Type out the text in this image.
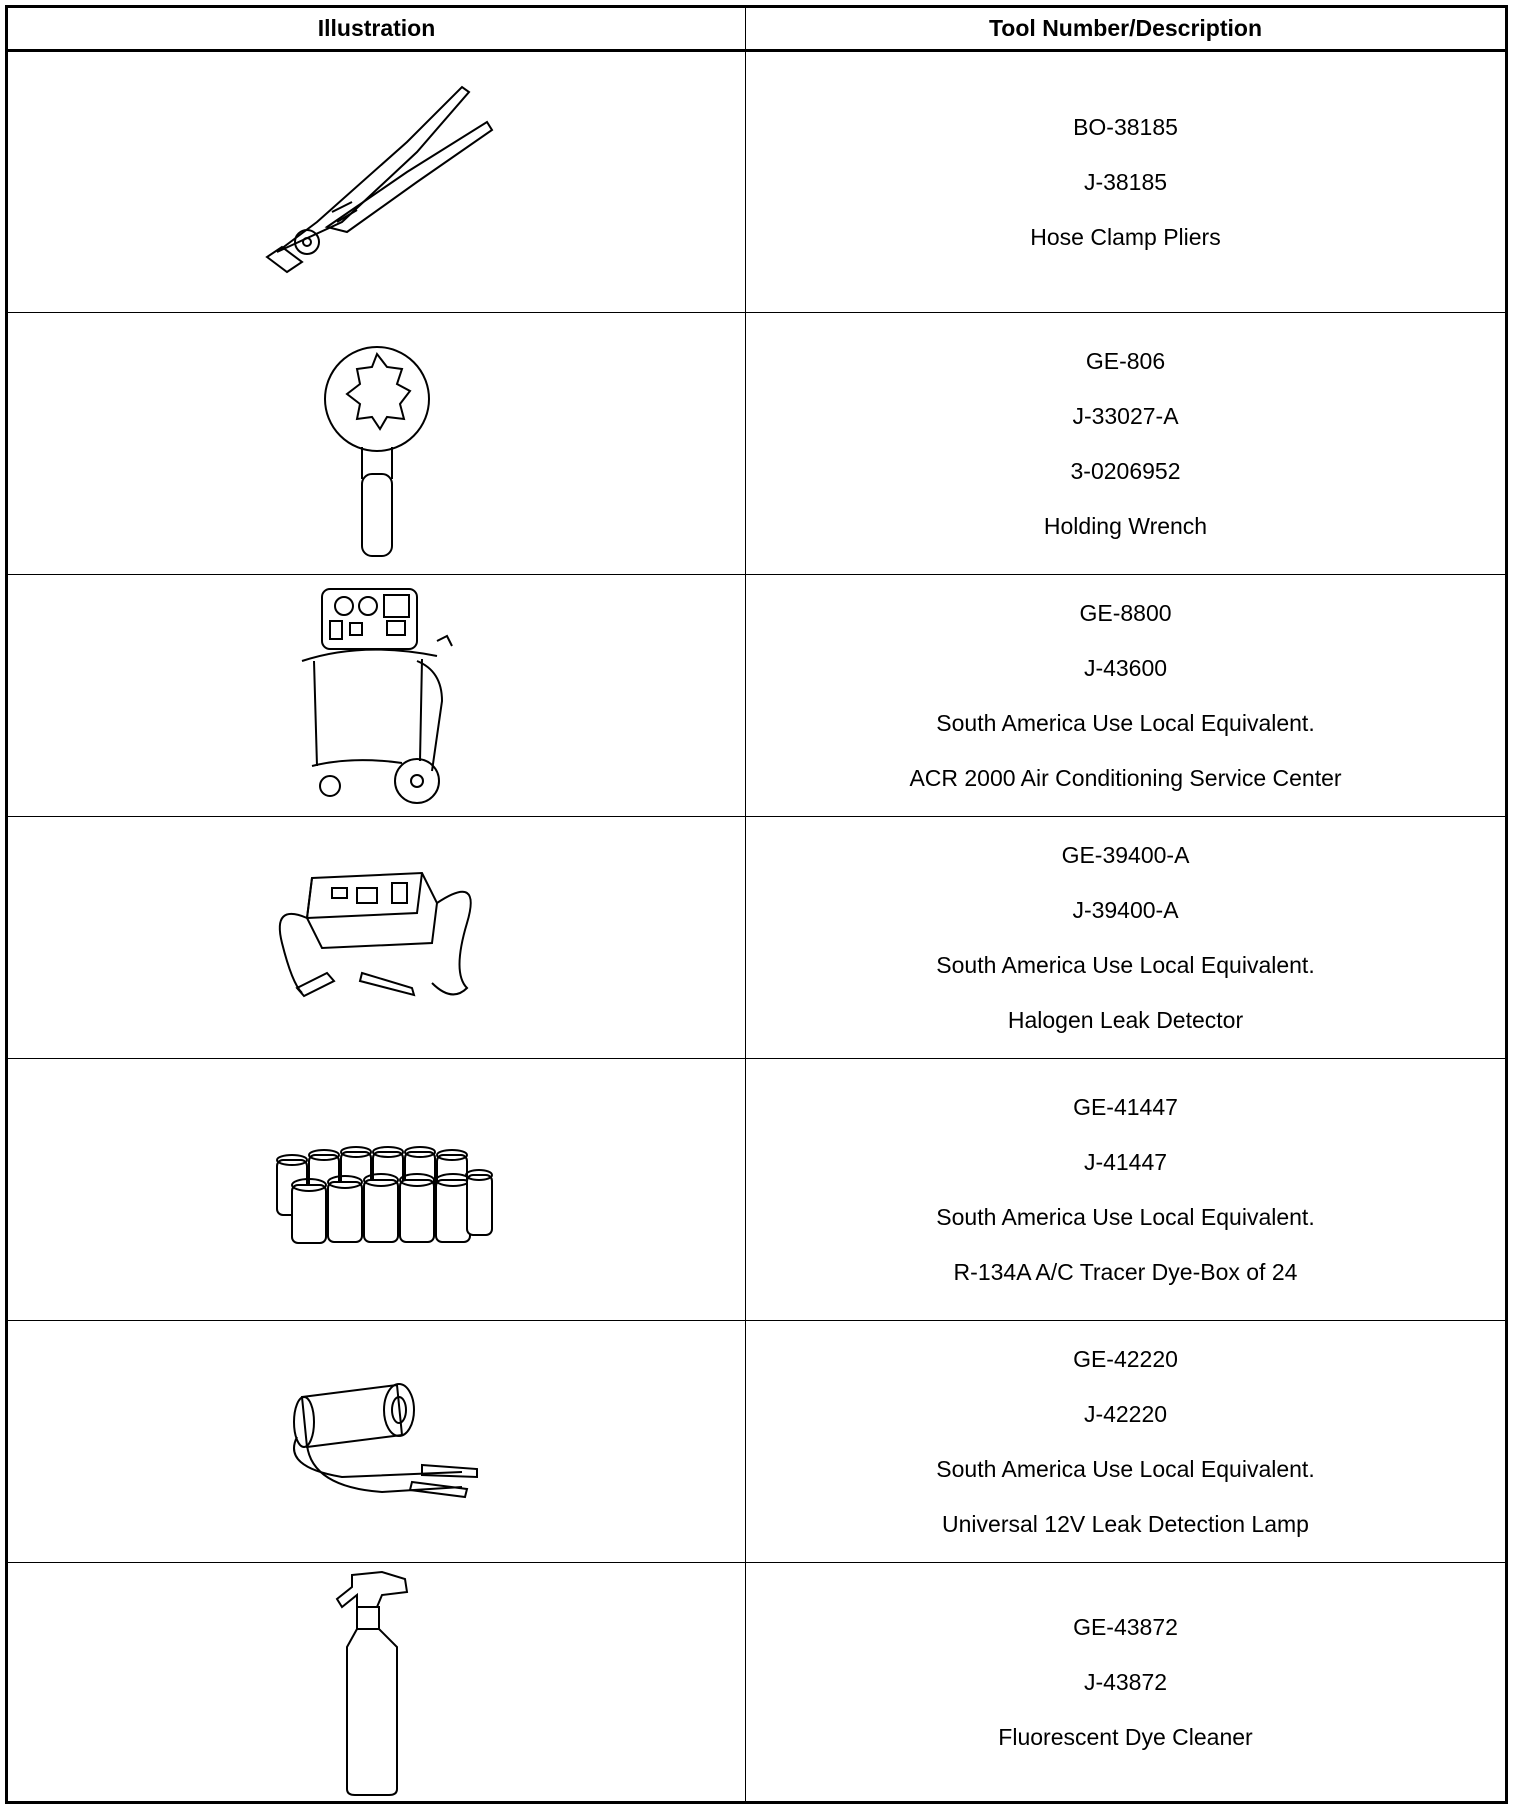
Illustration	Tool Number/Description

BO-38185
J-38185
Hose Clamp Pliers

GE-806
J-33027-A
3-0206952
Holding Wrench

GE-8800
J-43600
South America Use Local Equivalent.
ACR 2000 Air Conditioning Service Center

GE-39400-A
J-39400-A
South America Use Local Equivalent.
Halogen Leak Detector

GE-41447
J-41447
South America Use Local Equivalent.
R-134A A/C Tracer Dye-Box of 24

GE-42220
J-42220
South America Use Local Equivalent.
Universal 12V Leak Detection Lamp

GE-43872
J-43872
Fluorescent Dye Cleaner
